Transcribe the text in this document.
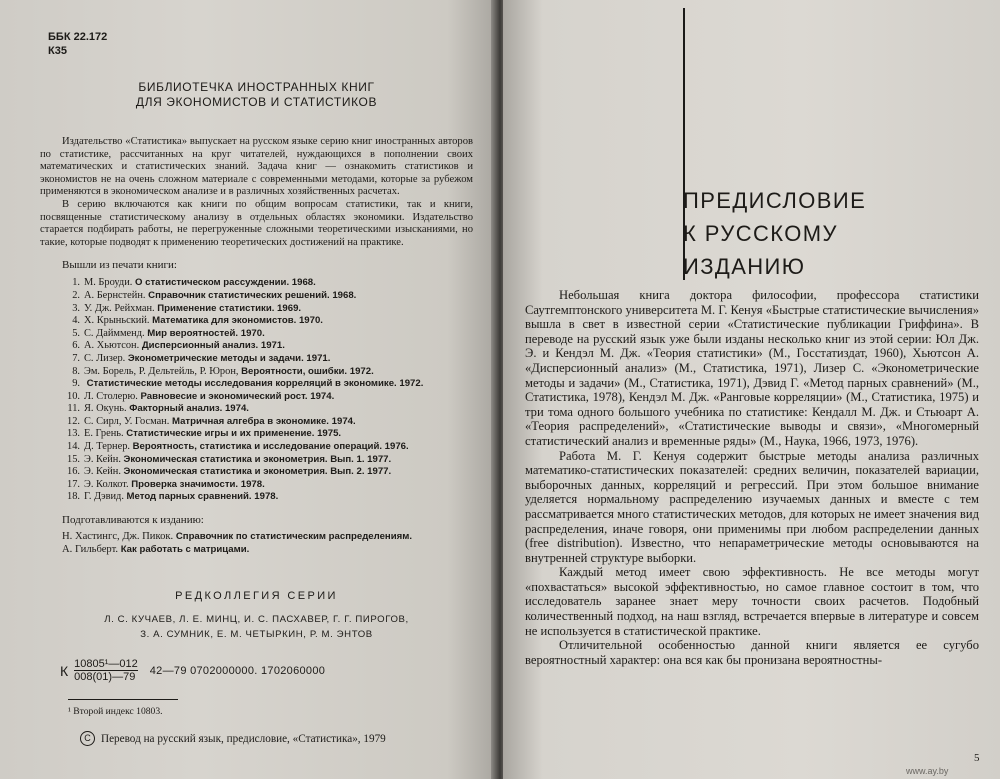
ББК 22.172
К35
БИБЛИОТЕЧКА ИНОСТРАННЫХ КНИГ
ДЛЯ ЭКОНОМИСТОВ И СТАТИСТИКОВ

Издательство «Статистика» выпускает на русском языке серию книг иностранных авторов по статистике, рассчитанных на круг читателей, нуждающихся в пополнении своих математических и статистических знаний. Задача книг — ознакомить статистиков и экономистов не на очень сложном материале с современными методами, которые за рубежом применяются в экономическом анализе и в различных хозяйственных расчетах.

В серию включаются как книги по общим вопросам статистики, так и книги, посвященные статистическому анализу в отдельных областях экономики. Издательство старается подбирать работы, не перегруженные сложными теоретическими изысканиями, но такие, которые подводят к применению теоретических достижений на практике.

Вышли из печати книги:
1. М. Броуди. О статистическом рассуждении. 1968.
2. А. Бернстейн. Справочник статистических решений. 1968.
3. У. Дж. Рейхман. Применение статистики. 1969.
4. Х. Крыньский. Математика для экономистов. 1970.
5. С. Даймменд. Мир вероятностей. 1970.
6. А. Хьютсон. Дисперсионный анализ. 1971.
7. С. Лизер. Эконометрические методы и задачи. 1971.
8. Эм. Борель, Р. Дельтейль, Р. Юрон, Вероятности, ошибки. 1972.
9. Статистические методы исследования корреляций в экономике. 1972.
10. Л. Столерю. Равновесие и экономический рост. 1974.
11. Я. Окунь. Факторный анализ. 1974.
12. С. Сирл, У. Госман. Матричная алгебра в экономике. 1974.
13. Е. Грень. Статистические игры и их применение. 1975.
14. Д. Тернер. Вероятность, статистика и исследование операций. 1976.
15. Э. Кейн. Экономическая статистика и эконометрия. Вып. 1. 1977.
16. Э. Кейн. Экономическая статистика и эконометрия. Вып. 2. 1977.
17. Э. Колкот. Проверка значимости. 1978.
18. Г. Дэвид. Метод парных сравнений. 1978.
Подготавливаются к изданию:

Н. Хастингс, Дж. Пикок. Справочник по статистическим распределениям.

А. Гильберт. Как работать с матрицами.

РЕДКОЛЛЕГИЯ СЕРИИ
Л. С. КУЧАЕВ, Л. Е. МИНЦ, И. С. ПАСХАВЕР, Г. Г. ПИРОГОВ,
З. А. СУМНИК, Е. М. ЧЕТЫРКИН, Р. М. ЭНТОВ
К $\frac{\text{10805¹—012}}{008(01)—79}$ 42—79 0702000000. 1702060000
¹ Второй индекс 10803.
C Перевод на русский язык, предисловие, «Статистика», 1979
ПРЕДИСЛОВИЕ
К РУССКОМУ
ИЗДАНИЮ

Небольшая книга доктора философии, профессора статистики Саутгемптонского университета М. Г. Кенуя «Быстрые статистические вычисления» вышла в свет в известной серии «Статистические публикации Гриффина». В переводе на русский язык уже были изданы несколько книг из этой серии: Юл Дж. Э. и Кендэл М. Дж. «Теория статистики» (М., Госстатиздат, 1960), Хьютсон А. «Дисперсионный анализ» (М., Статистика, 1971), Лизер С. «Эконометрические методы и задачи» (М., Статистика, 1971), Дэвид Г. «Метод парных сравнений» (М., Статистика, 1978), Кендэл М. Дж. «Ранговые корреляции» (М., Статистика, 1975) и три тома одного большого учебника по статистике: Кендалл М. Дж. и Стьюарт А. «Теория распределений», «Статистические выводы и связи», «Многомерный статистический анализ и временные ряды» (М., Наука, 1966, 1973, 1976).

Работа М. Г. Кенуя содержит быстрые методы анализа различных математико-статистических показателей: средних величин, показателей вариации, выборочных данных, корреляций и регрессий. При этом большое внимание уделяется нормальному распределению изучаемых данных и вместе с тем рассматривается много статистических методов, для которых не имеет значения вид распределения, иначе говоря, они применимы при любом распределении данных (free distribution). Известно, что непараметрические методы основываются на внутренней структуре выборки.

Каждый метод имеет свою эффективность. Не все методы могут «похвастаться» высокой эффективностью, но самое главное состоит в том, что исследователь заранее знает меру точности своих расчетов. Подобный количественный подход, на наш взгляд, встречается впервые в литературе и совсем не используется в статистической практике.

Отличительной особенностью данной книги является ее сугубо вероятностный характер: она вся как бы пронизана вероятностны-

5
www.ay.by
